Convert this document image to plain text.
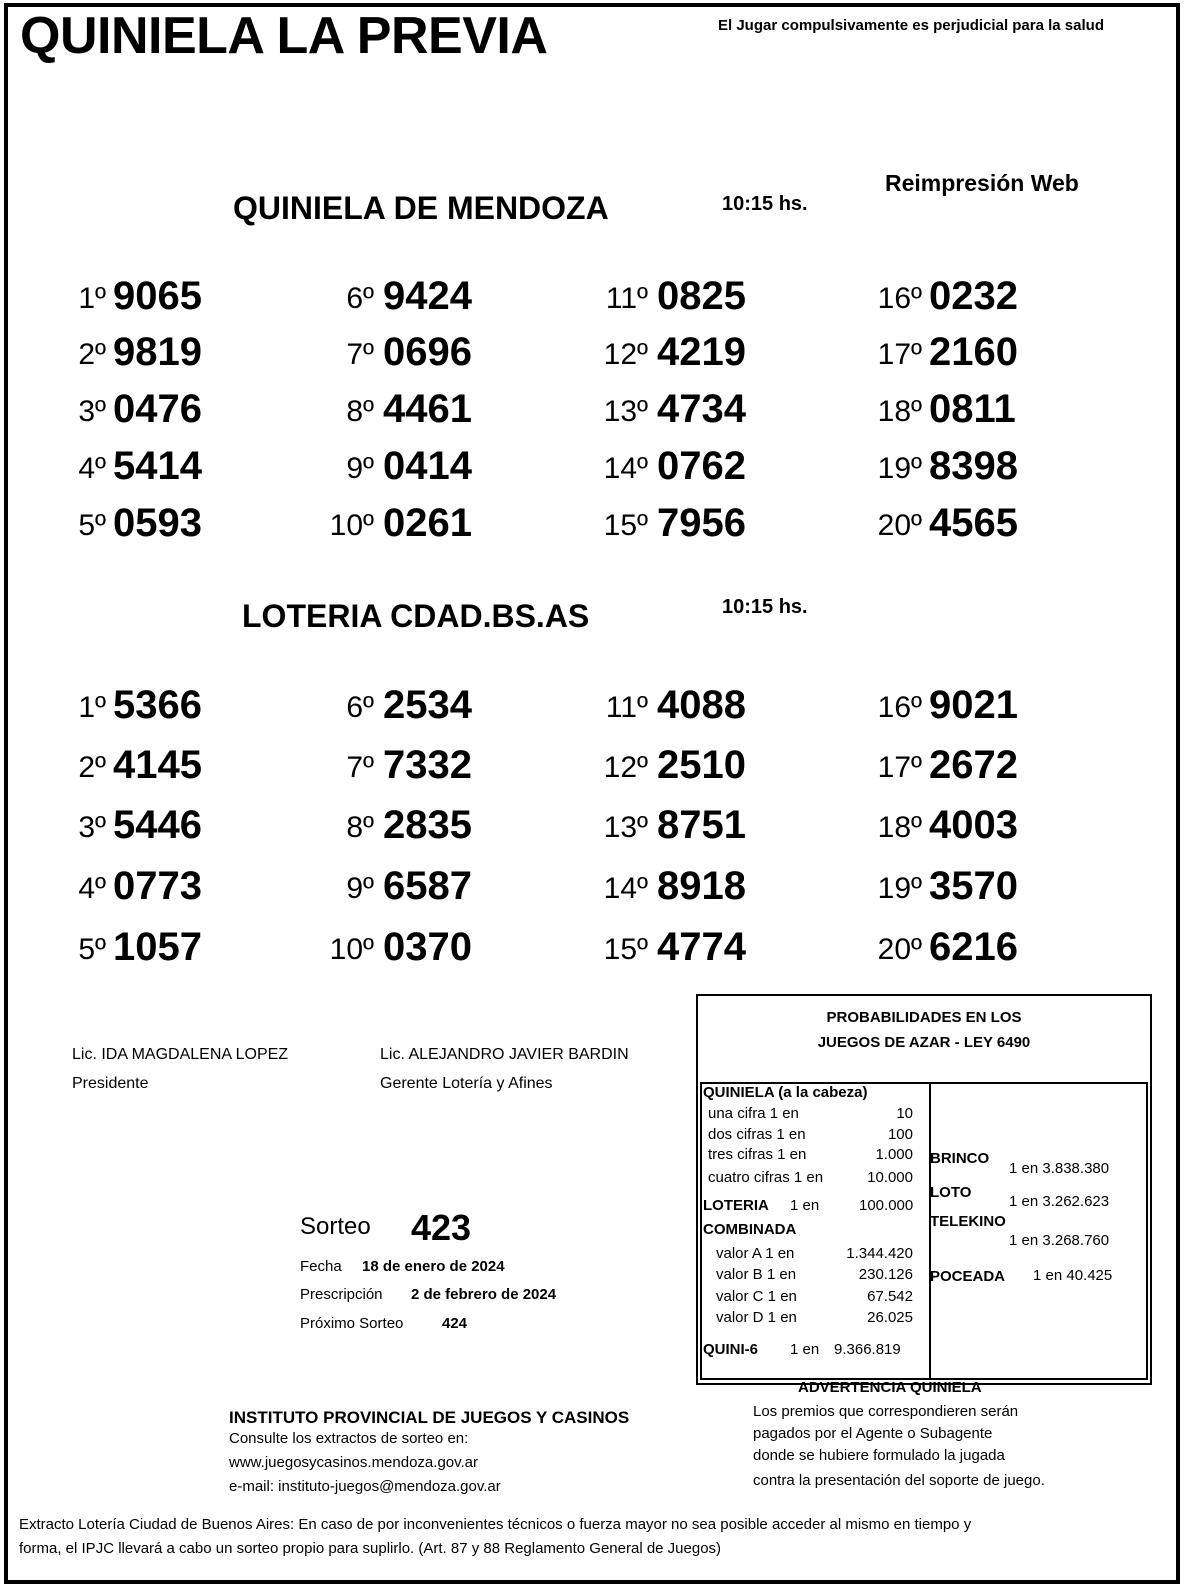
QUINIELA LA PREVIA	El Jugar compulsivamente es perjudicial para la salud
Reimpresión Web
QUINIELA DE MENDOZA	10:15 hs.
1º 9065
2º 9819
3º 0476
4º 5414
5º 0593
6º 9424
7º 0696
8º 4461
9º 0414
10º 0261
11º 0825
12º 4219
13º 4734
14º 0762
15º 7956
16º 0232
17º 2160
18º 0811
19º 8398
20º 4565
LOTERIA CDAD.BS.AS	10:15 hs.
1º 5366
2º 4145
3º 5446
4º 0773
5º 1057
6º 2534
7º 7332
8º 2835
9º 6587
10º 0370
11º 4088
12º 2510
13º 8751
14º 8918
15º 4774
16º 9021
17º 2672
18º 4003
19º 3570
20º 6216
Lic. IDA MAGDALENA LOPEZ
Presidente
Lic. ALEJANDRO JAVIER BARDIN
Gerente Lotería y Afines
Sorteo 423
Fecha 18 de enero de 2024
Prescripción 2 de febrero de 2024
Próximo Sorteo	424
PROBABILIDADES EN LOS
JUEGOS DE AZAR - LEY 6490
QUINIELA (a la cabeza)
una cifra 1 en	10
dos cifras 1 en	100
tres cifras 1 en	1.000
cuatro cifras 1 en	10.000
LOTERIA 1 en	100.000
COMBINADA
valor A 1 en	1.344.420
valor B 1 en	230.126
valor C 1 en	67.542
valor D 1 en	26.025
QUINI-6 1 en 9.366.819
BRINCO
1 en 3.838.380
LOTO
1 en 3.262.623
TELEKINO
1 en 3.268.760
POCEADA 1 en 40.425
INSTITUTO PROVINCIAL DE JUEGOS Y CASINOS
Consulte los extractos de sorteo en:
www.juegosycasinos.mendoza.gov.ar
e-mail: instituto-juegos@mendoza.gov.ar
ADVERTENCIA QUINIELA
Los premios que correspondieren serán
pagados por el Agente o Subagente
donde se hubiere formulado la jugada
contra la presentación del soporte de juego.
Extracto Lotería Ciudad de Buenos Aires: En caso de por inconvenientes técnicos o fuerza mayor no sea posible acceder al mismo en tiempo y
forma, el IPJC llevará a cabo un sorteo propio para suplirlo. (Art. 87 y 88 Reglamento General de Juegos)
